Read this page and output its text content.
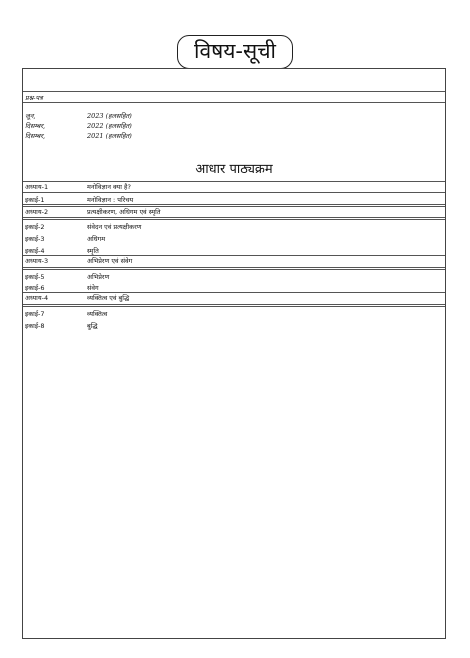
विषय-सूची
प्रश्न-पत्र
जून,	2023 (हलसहित)
दिसम्बर,	2022 (हलसहित)
दिसम्बर,	2021 (हलसहित)
आधार पाठ्यक्रम
अध्याय-1	मनोविज्ञान क्या है?
इकाई-1	मनोविज्ञान : परिचय
अध्याय-2	प्रत्यक्षीकरण, अधिगम एवं स्मृति
इकाई-2	संवेदन एवं प्रत्यक्षीकरण
इकाई-3	अधिगम
इकाई-4	स्मृति
अध्याय-3	अभिप्रेरण एवं संवेग
इकाई-5	अभिप्रेरण
इकाई-6	संवेग
अध्याय-4	व्यक्तित्व एवं बुद्धि
इकाई-7	व्यक्तित्व
इकाई-8	बुद्धि
